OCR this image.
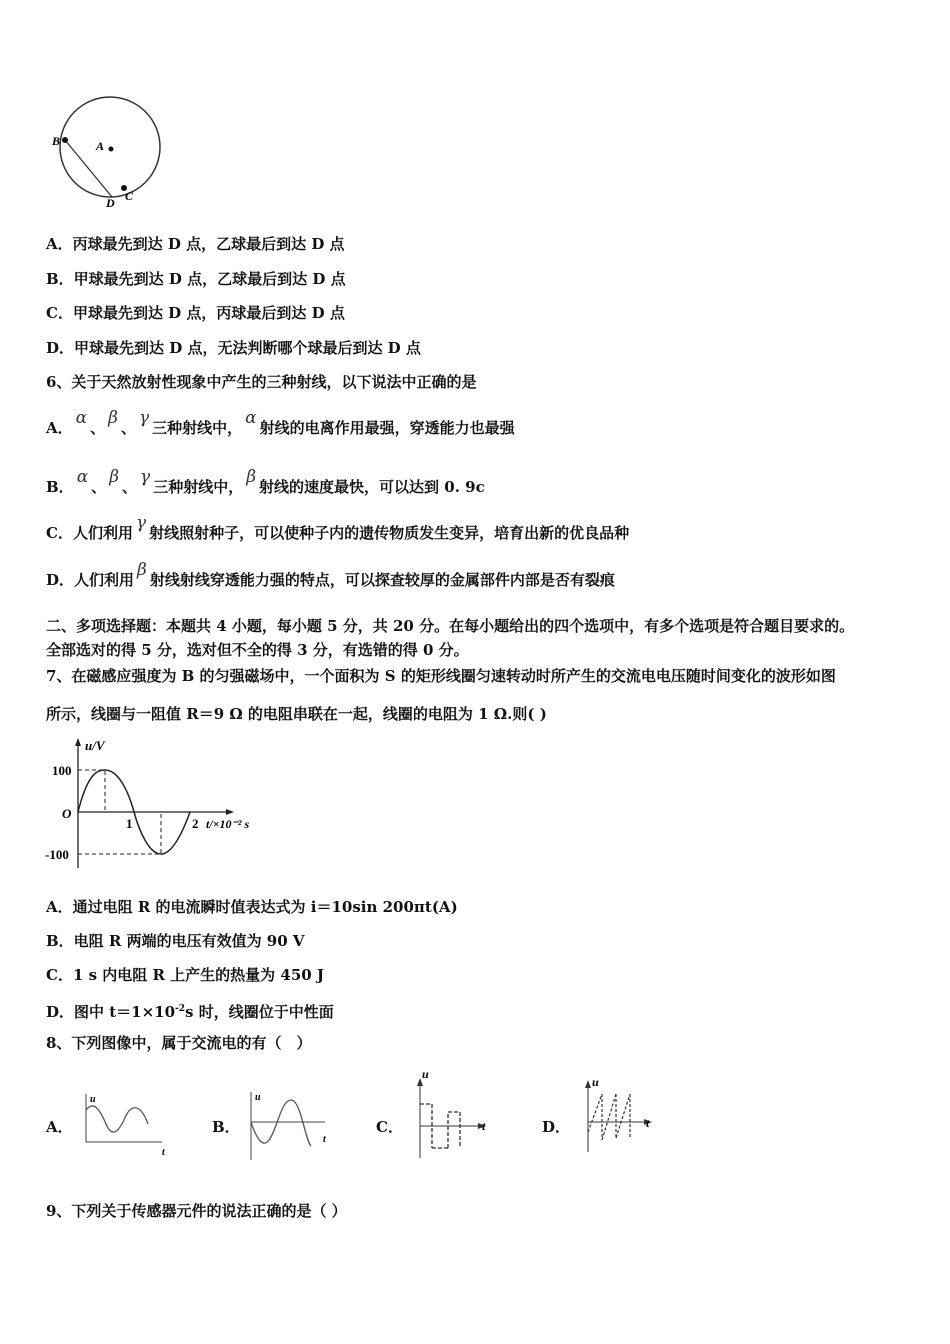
B	A
D C
A．丙球最先到达 D 点，乙球最后到达 D 点
B．甲球最先到达 D 点，乙球最后到达 D 点
C．甲球最先到达 D 点，丙球最后到达 D 点
D．甲球最先到达 D 点，无法判断哪个球最后到达 D 点
6、关于天然放射性现象中产生的三种射线，以下说法中正确的是
A． α 、 β 、 γ 三种射线中， α 射线的电离作用最强，穿透能力也最强
B． α 、 β 、 γ 三种射线中， β 射线的速度最快，可以达到 0. 9c
C．人们利用 γ 射线照射种子，可以使种子内的遗传物质发生变异，培育出新的优良品种
D．人们利用 β 射线射线穿透能力强的特点，可以探查较厚的金属部件内部是否有裂痕
二、多项选择题：本题共 4 小题，每小题 5 分，共 20 分。在每小题给出的四个选项中，有多个选项是符合题目要求的。
全部选对的得 5 分，选对但不全的得 3 分，有选错的得 0 分。
7、在磁感应强度为 B 的匀强磁场中，一个面积为 S 的矩形线圈匀速转动时所产生的交流电电压随时间变化的波形如图
所示，线圈与一阻值 R＝9 Ω 的电阻串联在一起，线圈的电阻为 1 Ω.则( )
u/V
100
-100
O
1	2 t/×10⁻² s
A．通过电阻 R 的电流瞬时值表达式为 i＝10sin 200πt(A)
B．电阻 R 两端的电压有效值为 90 V
C．1 s 内电阻 R 上产生的热量为 450 J
D．图中 $t=1\times 10^{-2}s$ 时，线圈位于中性面
8、下列图像中，属于交流电的有（　）
A．
u
t
B．
u
t
C．
u
t	D．
u
t
9、下列关于传感器元件的说法正确的是（ ）
